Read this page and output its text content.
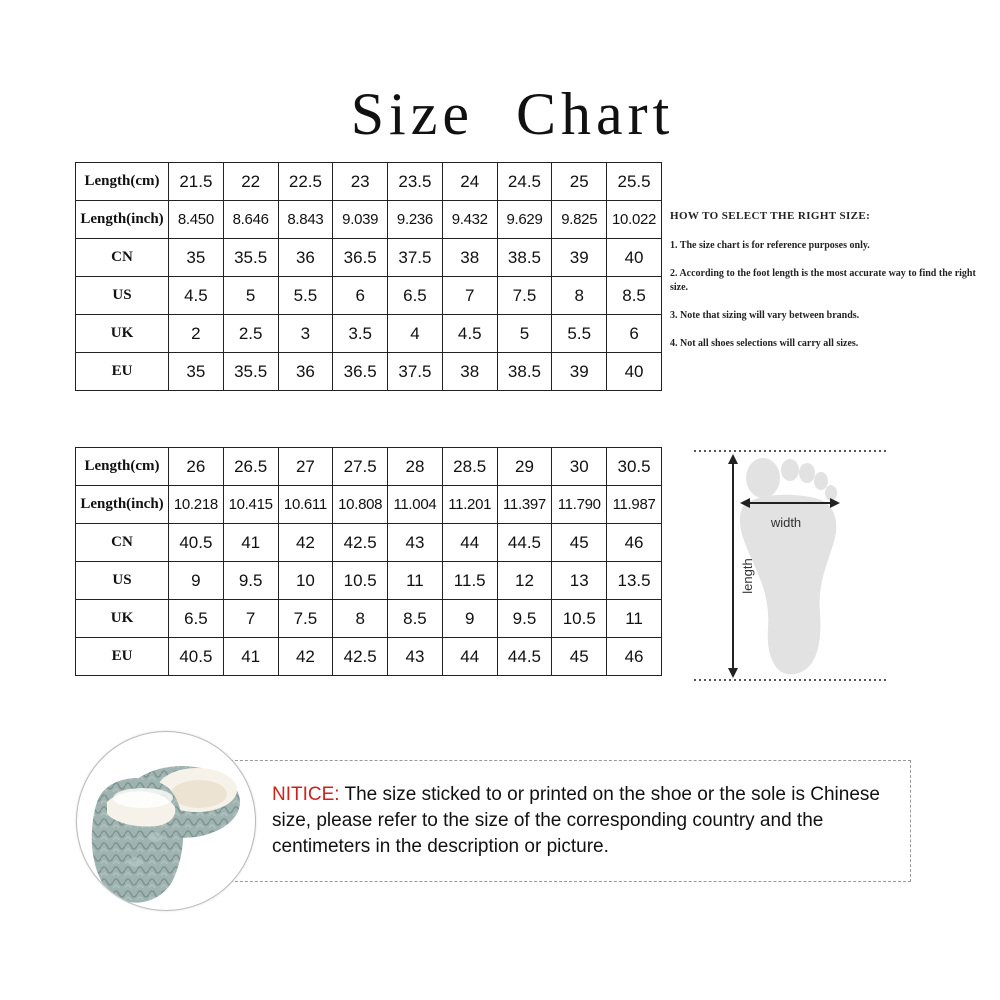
Size Chart
Length(cm)	21.5	22	22.5	23	23.5	24	24.5	25	25.5
Length(inch)	8.450	8.646	8.843	9.039	9.236	9.432	9.629	9.825	10.022
CN	35	35.5	36	36.5	37.5	38	38.5	39	40
US	4.5	5	5.5	6	6.5	7	7.5	8	8.5
UK	2	2.5	3	3.5	4	4.5	5	5.5	6
EU	35	35.5	36	36.5	37.5	38	38.5	39	40
Length(cm)	26	26.5	27	27.5	28	28.5	29	30	30.5
Length(inch)	10.218	10.415	10.611	10.808	11.004	11.201	11.397	11.790	11.987
CN	40.5	41	42	42.5	43	44	44.5	45	46
US	9	9.5	10	10.5	11	11.5	12	13	13.5
UK	6.5	7	7.5	8	8.5	9	9.5	10.5	11
EU	40.5	41	42	42.5	43	44	44.5	45	46
HOW TO SELECT THE RIGHT SIZE:
1. The size chart is for reference purposes only.
2. According to the foot length is the most accurate way to find the right size.
3. Note that sizing will vary between brands.
4. Not all shoes selections will carry all sizes.
width
length
NITICE: The size sticked to or printed on the shoe or the sole is Chinese size, please refer to the size of the corresponding country and the centimeters in the description or picture.
